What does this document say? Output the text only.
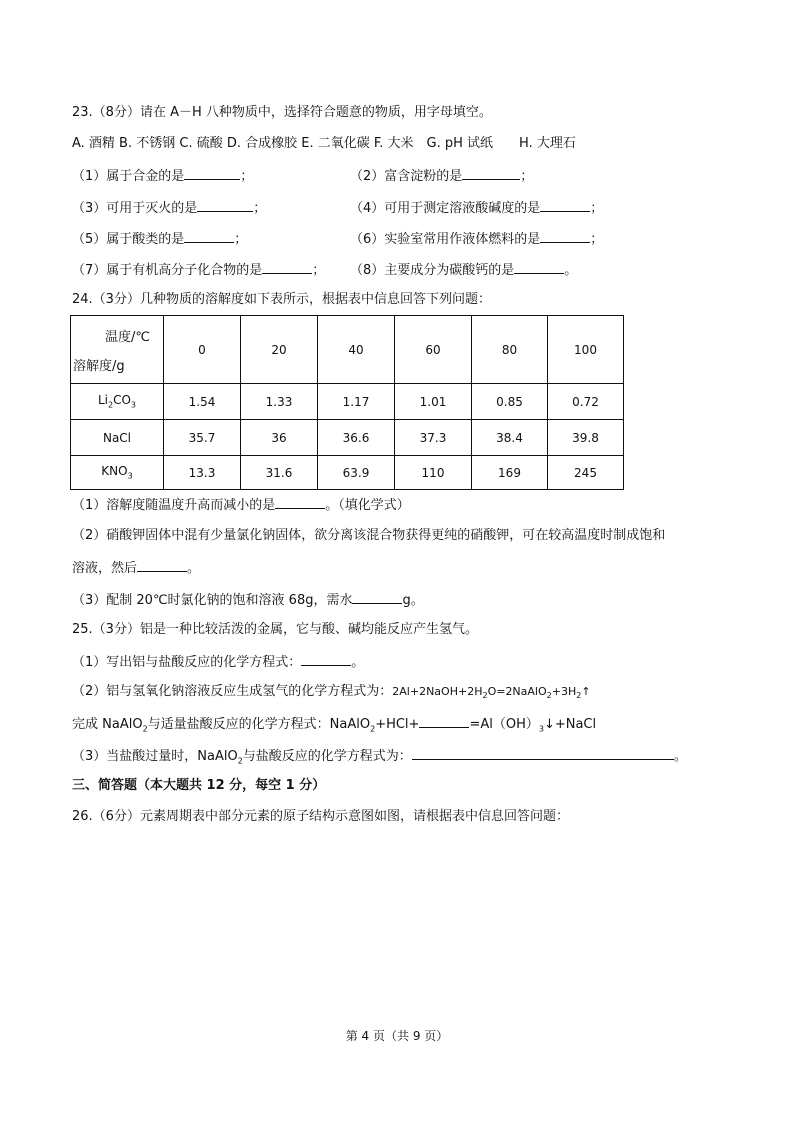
23.（8分）请在 A－H 八种物质中，选择符合题意的物质，用字母填空。
A. 酒精 B. 不锈钢 C. 硫酸 D. 合成橡胶 E. 二氧化碳 F. 大米　G. pH 试纸　　H. 大理石
（1）属于合金的是	；	（2）富含淀粉的是	；
（3）可用于灭火的是	；	（4）可用于测定溶液酸碱度的是	；
（5）属于酸类的是	；	（6）实验室常用作液体燃料的是	；
（7）属于有机高分子化合物的是	； （8）主要成分为碳酸钙的是	。
24.（3分）几种物质的溶解度如下表所示，根据表中信息回答下列问题：
温度/℃
溶解度/g	0	20	40	60	80	100
$Li_2CO_3$	1.54	1.33	1.17	1.01	0.85	0.72
NaCl	35.7	36	36.6	37.3	38.4	39.8
$KNO_3$	13.3	31.6	63.9	110	169	245
（1）溶解度随温度升高而减小的是	。（填化学式）
（2）硝酸钾固体中混有少量氯化钠固体，欲分离该混合物获得更纯的硝酸钾，可在较高温度时制成饱和
溶液，然后	。
（3）配制 20℃时氯化钠的饱和溶液 68g，需水	g。
25.（3分）铝是一种比较活泼的金属，它与酸、碱均能反应产生氢气。
（1）写出铝与盐酸反应的化学方程式：	。
（2）铝与氢氧化钠溶液反应生成氢气的化学方程式为：$2Al+2NaOH+2H_2O=2NaAlO_2+3H_2↑$
完成 NaAlO$_2$与适量盐酸反应的化学方程式：NaAlO$_2$+HCl+	$=Al(OH)_3↓+NaCl$
（3）当盐酸过量时，NaAlO$_2$与盐酸反应的化学方程式为：	。
三、简答题（本大题共 12 分，每空 1 分）
26.（6分）元素周期表中部分元素的原子结构示意图如图，请根据表中信息回答问题：
第 4 页（共 9 页）
